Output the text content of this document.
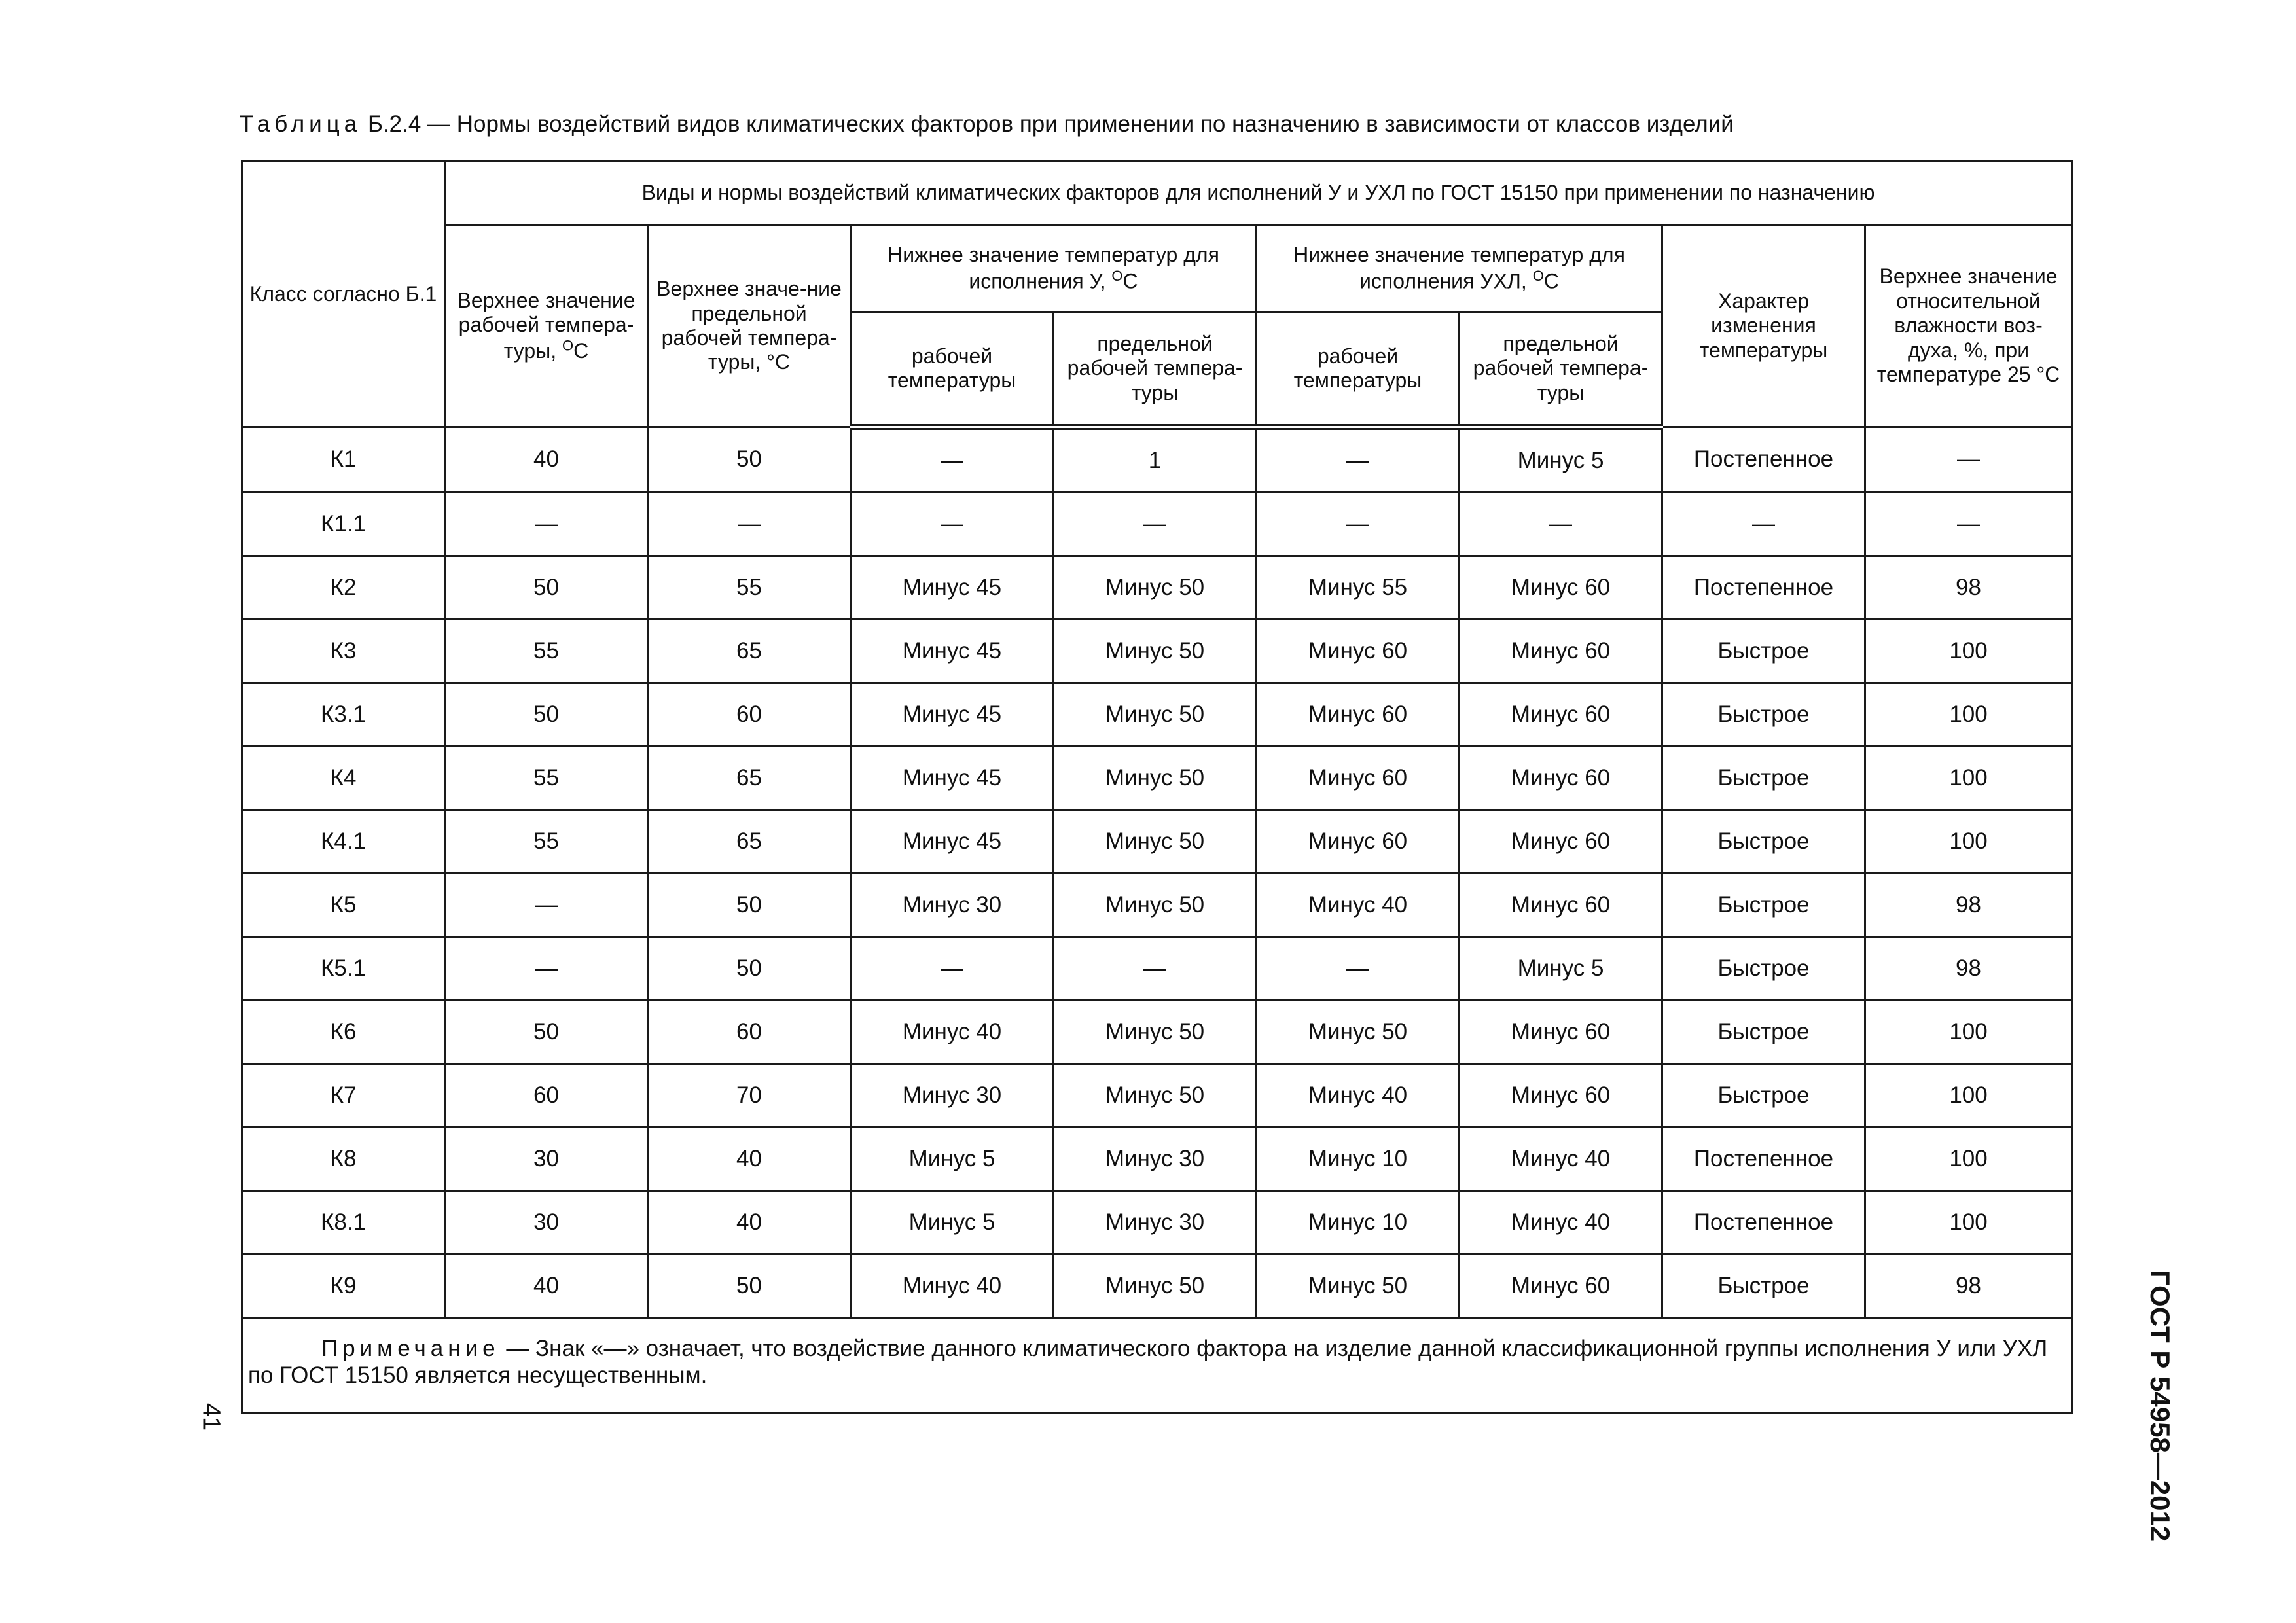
Таблица Б.2.4 — Нормы воздействий видов климатических факторов при применении по назначению в зависимости от классов изделий
Класс согласно Б.1	Виды и нормы воздействий климатических факторов для исполнений У и УХЛ по ГОСТ 15150 при применении по назначению							
	Верхнее значение рабочей темпера-туры, $^О$С	Верхнее значе-ние предельной рабочей темпера-туры, °С	Нижнее значение температур для исполнения У, $^О$С		Нижнее значение температур для исполнения УХЛ, $^О$С		Характер изменения температуры	Верхнее значение относительной влажности воз-духа, %, при температуре 25 °С
			рабочей температуры	предельной рабочей темпера-туры	рабочей температуры	предельной рабочей темпера-туры		
К1	40	50	—	1	—	Минус 5	Постепенное	—
К1.1	—	—	—	—	—	—	—	—
К2	50	55	Минус 45	Минус 50	Минус 55	Минус 60	Постепенное	98
К3	55	65	Минус 45	Минус 50	Минус 60	Минус 60	Быстрое	100
К3.1	50	60	Минус 45	Минус 50	Минус 60	Минус 60	Быстрое	100
К4	55	65	Минус 45	Минус 50	Минус 60	Минус 60	Быстрое	100
К4.1	55	65	Минус 45	Минус 50	Минус 60	Минус 60	Быстрое	100
К5	—	50	Минус 30	Минус 50	Минус 40	Минус 60	Быстрое	98
К5.1	—	50	—	—	—	Минус 5	Быстрое	98
К6	50	60	Минус 40	Минус 50	Минус 50	Минус 60	Быстрое	100
К7	60	70	Минус 30	Минус 50	Минус 40	Минус 60	Быстрое	100
К8	30	40	Минус 5	Минус 30	Минус 10	Минус 40	Постепенное	100
К8.1	30	40	Минус 5	Минус 30	Минус 10	Минус 40	Постепенное	100
К9	40	50	Минус 40	Минус 50	Минус 50	Минус 60	Быстрое	98
Примечание — Знак «—» означает, что воздействие данного климатического фактора на изделие данной классификационной группы исполнения У или УХЛ по ГОСТ 15150 является несущественным.									ГОСТ Р 54958—2012
41
